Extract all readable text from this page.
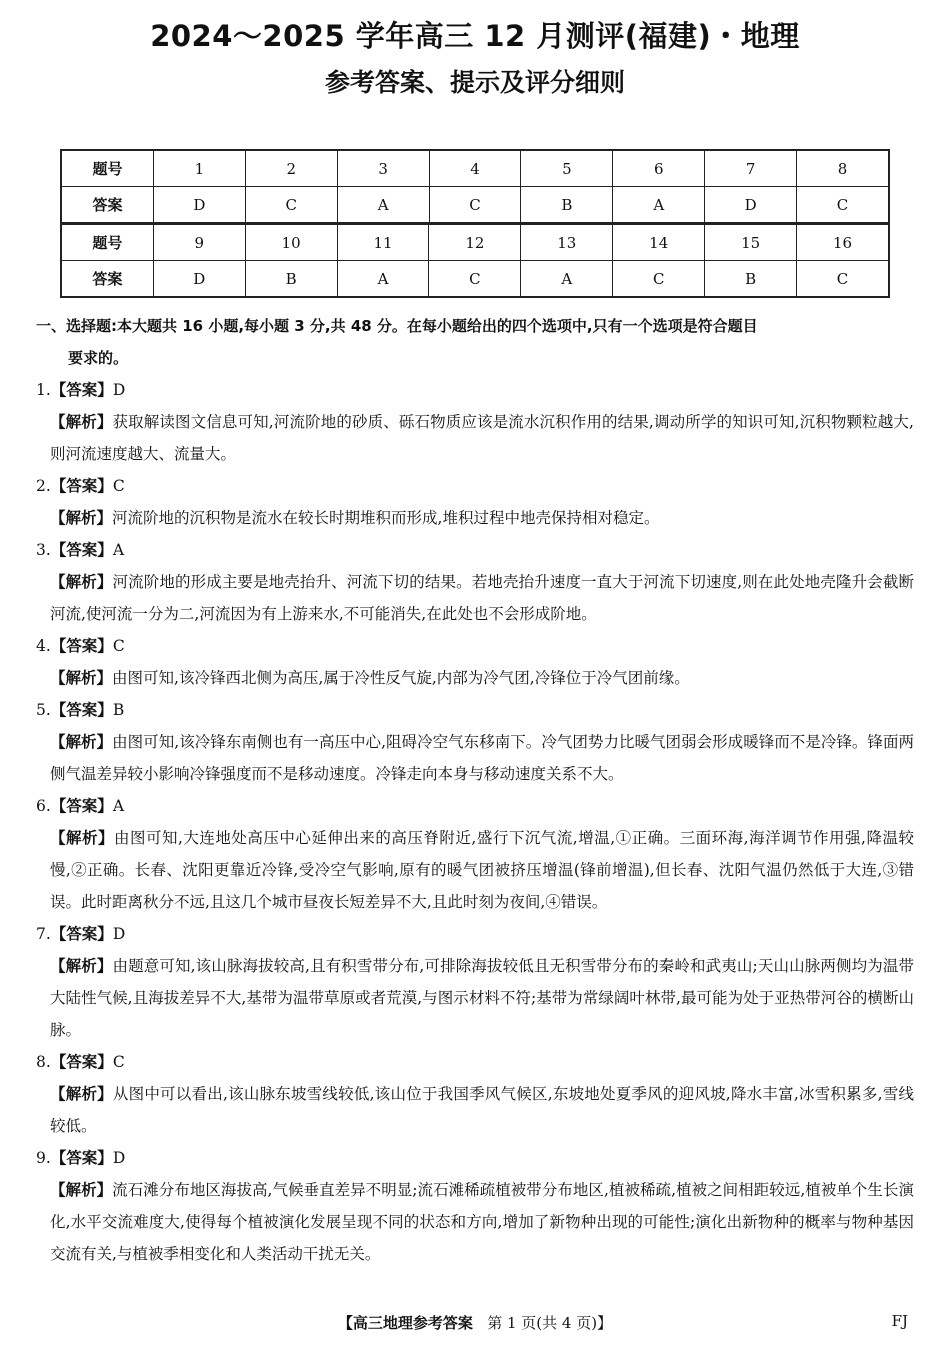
2024～2025 学年高三 12 月测评(福建)・地理
参考答案、提示及评分细则
题号	1	2	3	4	5	6	7	8
答案	D	C	A	C	B	A	D	C
题号	9	10	11	12	13	14	15	16
答案	D	B	A	C	A	C	B	C
一、选择题:本大题共 16 小题,每小题 3 分,共 48 分。在每小题给出的四个选项中,只有一个选项是符合题目
要求的。
1.【答案】D
【解析】获取解读图文信息可知,河流阶地的砂质、砾石物质应该是流水沉积作用的结果,调动所学的知识可知,沉积物颗粒越大,则河流速度越大、流量大。
2.【答案】C
【解析】河流阶地的沉积物是流水在较长时期堆积而形成,堆积过程中地壳保持相对稳定。
3.【答案】A
【解析】河流阶地的形成主要是地壳抬升、河流下切的结果。若地壳抬升速度一直大于河流下切速度,则在此处地壳隆升会截断河流,使河流一分为二,河流因为有上游来水,不可能消失,在此处也不会形成阶地。
4.【答案】C
【解析】由图可知,该冷锋西北侧为高压,属于冷性反气旋,内部为冷气团,冷锋位于冷气团前缘。
5.【答案】B
【解析】由图可知,该冷锋东南侧也有一高压中心,阻碍冷空气东移南下。冷气团势力比暖气团弱会形成暖锋而不是冷锋。锋面两侧气温差异较小影响冷锋强度而不是移动速度。冷锋走向本身与移动速度关系不大。
6.【答案】A
【解析】由图可知,大连地处高压中心延伸出来的高压脊附近,盛行下沉气流,增温,①正确。三面环海,海洋调节作用强,降温较慢,②正确。长春、沈阳更靠近冷锋,受冷空气影响,原有的暖气团被挤压增温(锋前增温),但长春、沈阳气温仍然低于大连,③错误。此时距离秋分不远,且这几个城市昼夜长短差异不大,且此时刻为夜间,④错误。
7.【答案】D
【解析】由题意可知,该山脉海拔较高,且有积雪带分布,可排除海拔较低且无积雪带分布的秦岭和武夷山;天山山脉两侧均为温带大陆性气候,且海拔差异不大,基带为温带草原或者荒漠,与图示材料不符;基带为常绿阔叶林带,最可能为处于亚热带河谷的横断山脉。
8.【答案】C
【解析】从图中可以看出,该山脉东坡雪线较低,该山位于我国季风气候区,东坡地处夏季风的迎风坡,降水丰富,冰雪积累多,雪线较低。
9.【答案】D
【解析】流石滩分布地区海拔高,气候垂直差异不明显;流石滩稀疏植被带分布地区,植被稀疏,植被之间相距较远,植被单个生长演化,水平交流难度大,使得每个植被演化发展呈现不同的状态和方向,增加了新物种出现的可能性;演化出新物种的概率与物种基因交流有关,与植被季相变化和人类活动干扰无关。
【高三地理参考答案 第 1 页(共 4 页)】	FJ
